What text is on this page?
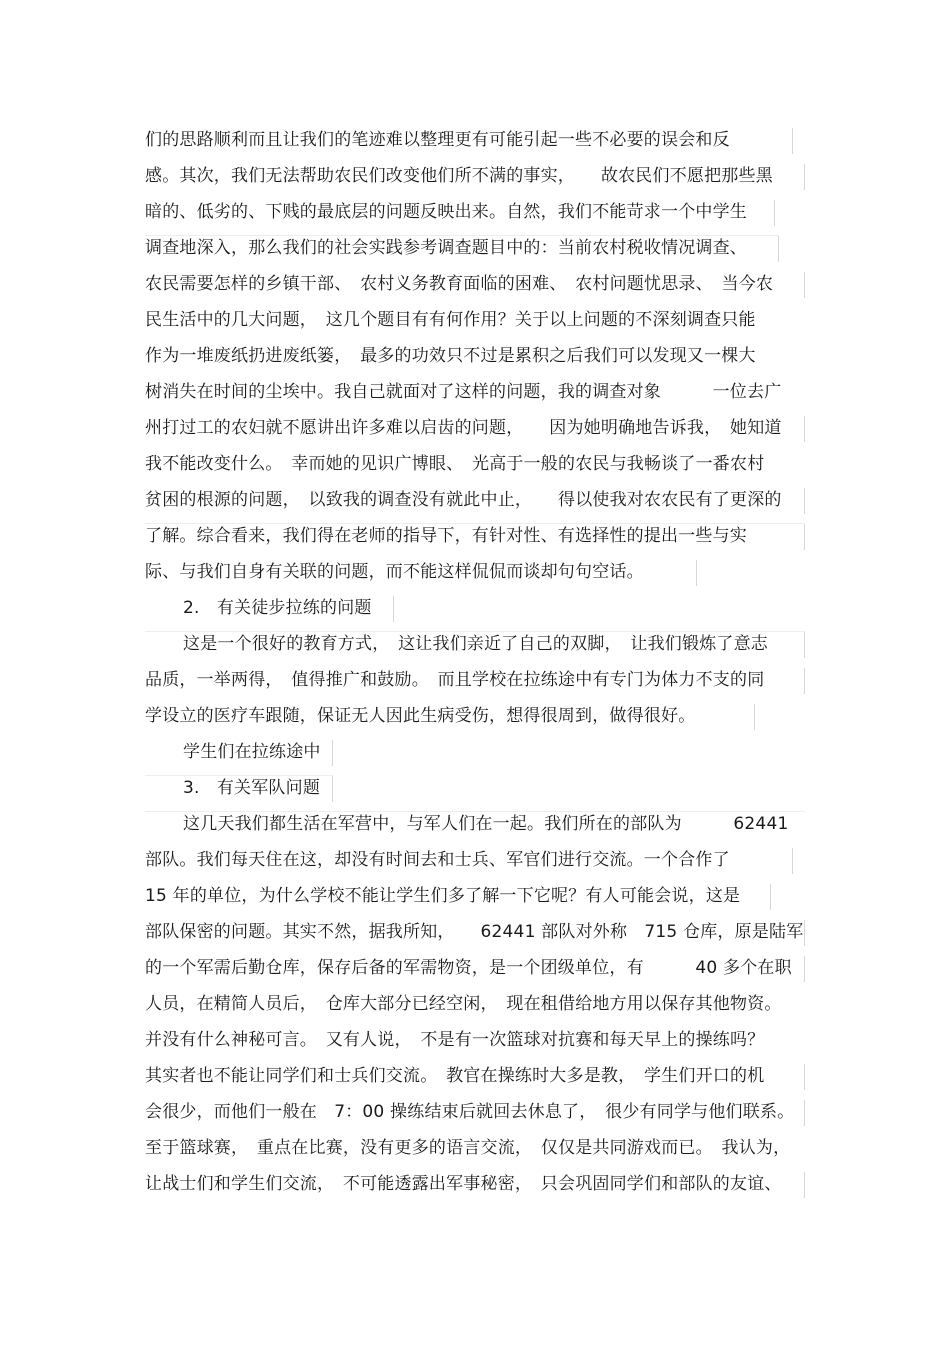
们的思路顺利而且让我们的笔迹难以整理更有可能引起一些不必要的误会和反
感。其次，我们无法帮助农民们改变他们所不满的事实，　　故农民们不愿把那些黑
暗的、低劣的、下贱的最底层的问题反映出来。自然，我们不能苛求一个中学生
调查地深入，那么我们的社会实践参考调查题目中的：当前农村税收情况调查、
农民需要怎样的乡镇干部、　农村义务教育面临的困难、　农村问题忧思录、　当今农
民生活中的几大问题，　这几个题目有有何作用？关于以上问题的不深刻调查只能
作为一堆废纸扔进废纸篓，　最多的功效只不过是累积之后我们可以发现又一棵大
树消失在时间的尘埃中。我自己就面对了这样的问题，我的调查对象　　　一位去广
州打过工的农妇就不愿讲出许多难以启齿的问题，　　因为她明确地告诉我，　她知道
我不能改变什么。　幸而她的见识广博眼、　光高于一般的农民与我畅谈了一番农村
贫困的根源的问题，　以致我的调查没有就此中止，　　得以使我对农农民有了更深的
了解。综合看来，我们得在老师的指导下，有针对性、有选择性的提出一些与实
际、与我们自身有关联的问题，而不能这样侃侃而谈却句句空话。
2.　有关徒步拉练的问题
这是一个很好的教育方式，　这让我们亲近了自己的双脚，　让我们锻炼了意志
品质，一举两得，　值得推广和鼓励。　而且学校在拉练途中有专门为体力不支的同
学设立的医疗车跟随，保证无人因此生病受伤，想得很周到，做得很好。
学生们在拉练途中
3.　有关军队问题
这几天我们都生活在军营中，与军人们在一起。我们所在的部队为　　　62441
部队。我们每天住在这，却没有时间去和士兵、军官们进行交流。一个合作了
15 年的单位，为什么学校不能让学生们多了解一下它呢？有人可能会说，这是
部队保密的问题。其实不然，据我所知，　　62441 部队对外称　715 仓库，原是陆军
的一个军需后勤仓库，保存后备的军需物资，是一个团级单位，有　　　40 多个在职
人员，在精简人员后，　仓库大部分已经空闲，　现在租借给地方用以保存其他物资。
并没有什么神秘可言。　又有人说，　不是有一次篮球对抗赛和每天早上的操练吗？
其实者也不能让同学们和士兵们交流。　教官在操练时大多是教，　学生们开口的机
会很少，而他们一般在　7：00 操练结束后就回去休息了，　很少有同学与他们联系。
至于篮球赛，　重点在比赛，没有更多的语言交流，　仅仅是共同游戏而已。　我认为，
让战士们和学生们交流，　不可能透露出军事秘密，　只会巩固同学们和部队的友谊、
